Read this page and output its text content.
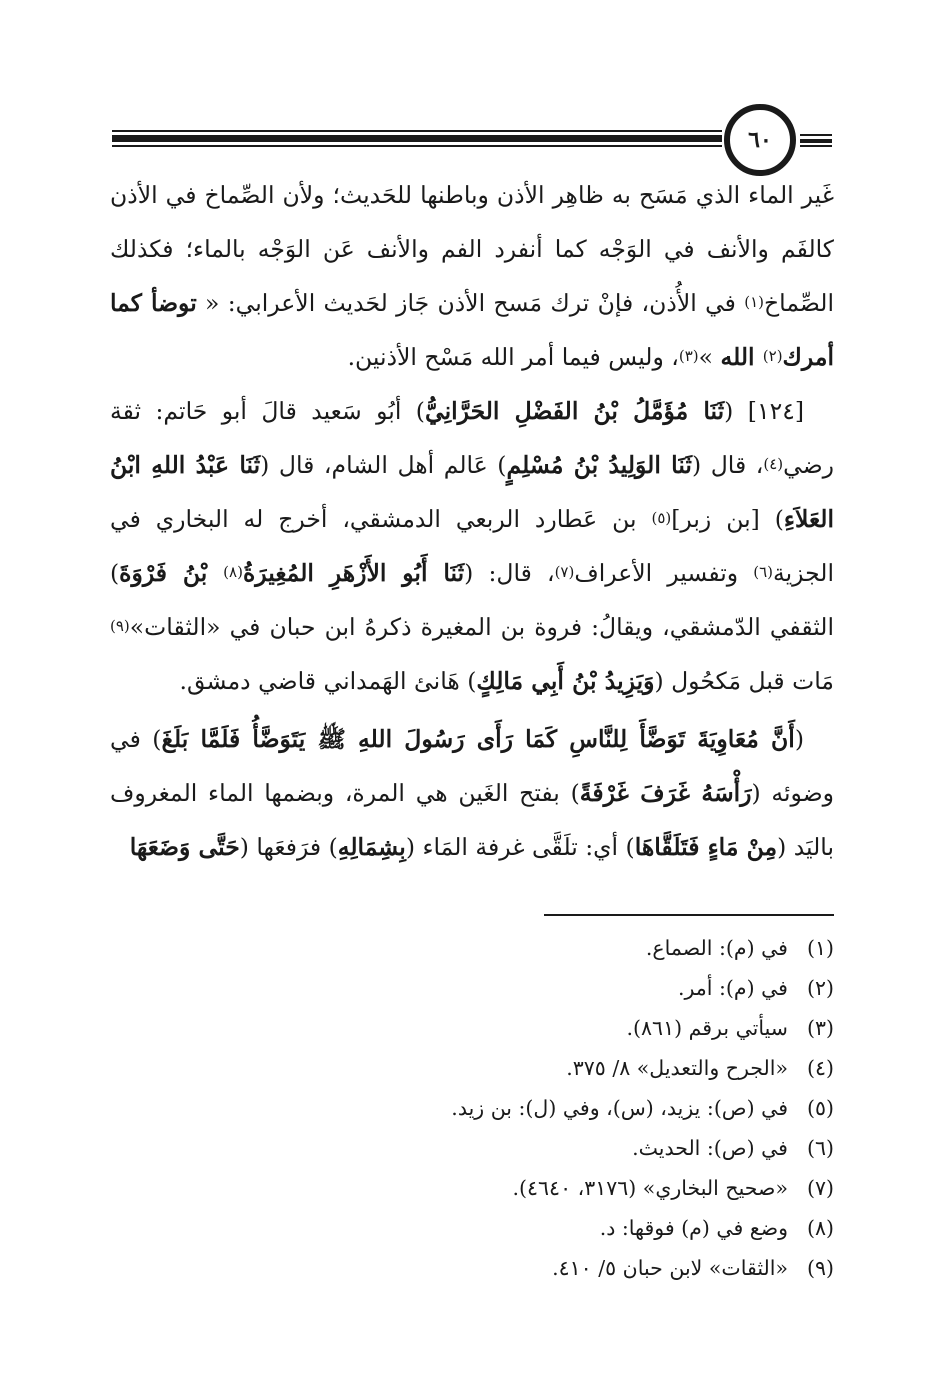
٦٠

غَير الماء الذي مَسَح به ظاهِر الأذن وباطنها للحَديث؛ ولأن الصِّماخ في الأذن كالفَم والأنف في الوَجْه كما أنفرد الفم والأنف عَن الوَجْه بالماء؛ فكذلك الصِّماخ$^{(١)}$ في الأُذن، فإنْ ترك مَسح الأذن جَاز لحَديث الأعرابي: « توضأ كما أمرك$^{(٢)}$ الله »$^{(٣)}$، وليس فيما أمر الله مَسْح الأذنين.

[١٢٤] (ثَنَا مُؤَمَّلُ بْنُ الفَضْلِ الحَرَّانِيُّ) أبُو سَعيد قالَ أبو حَاتم: ثقة رضي$^{(٤)}$، قال (ثَنَا الوَلِيدُ بْنُ مُسْلِمٍ) عَالم أهل الشام، قال (ثَنَا عَبْدُ اللهِ ابْنُ العَلاَءِ) [بن زبر]$^{(٥)}$ بن عَطارد الربعي الدمشقي، أخرج له البخاري في الجزية$^{(٦)}$ وتفسير الأعراف$^{(٧)}$، قال: (ثَنَا أَبُو الأَزْهَرِ المُغِيرَةُ$^{(٨)}$ بْنُ فَرْوَةَ) الثقفي الدّمشقي، ويقالُ: فروة بن المغيرة ذكرهُ ابن حبان في «الثقات»$^{(٩)}$ مَات قبل مَكحُول (وَيَزِيدُ بْنُ أَبِي مَالِكٍ) هَانئ الهَمداني قاضي دمشق.

(أَنَّ مُعَاوِيَةَ تَوَضَّأَ لِلنَّاسِ كَمَا رَأَى رَسُولَ اللهِ ﷺ يَتَوَضَّأُ فَلَمَّا بَلَغَ) في وضوئه (رَأْسَهُ غَرَفَ غَرْفَةً) بفتح الغَين هي المرة، وبضمها الماء المغروف باليَد (مِنْ مَاءٍ فَتَلَقَّاهَا) أي: تلَقَّى غرفة المَاء (بِشِمَالِهِ) فرَفعَها (حَتَّى وَضَعَهَا

(١)في (م): الصماع.
(٢)في (م): أمر.
(٣)سيأتي برقم (٨٦١).
(٤)«الجرح والتعديل» ٨/ ٣٧٥.
(٥)في (ص): يزيد، (س)، وفي (ل): بن زيد.
(٦)في (ص): الحديث.
(٧)«صحيح البخاري» (٣١٧٦، ٤٦٤٠).
(٨)وضع في (م) فوقها: د.
(٩)«الثقات» لابن حبان ٥/ ٤١٠.
